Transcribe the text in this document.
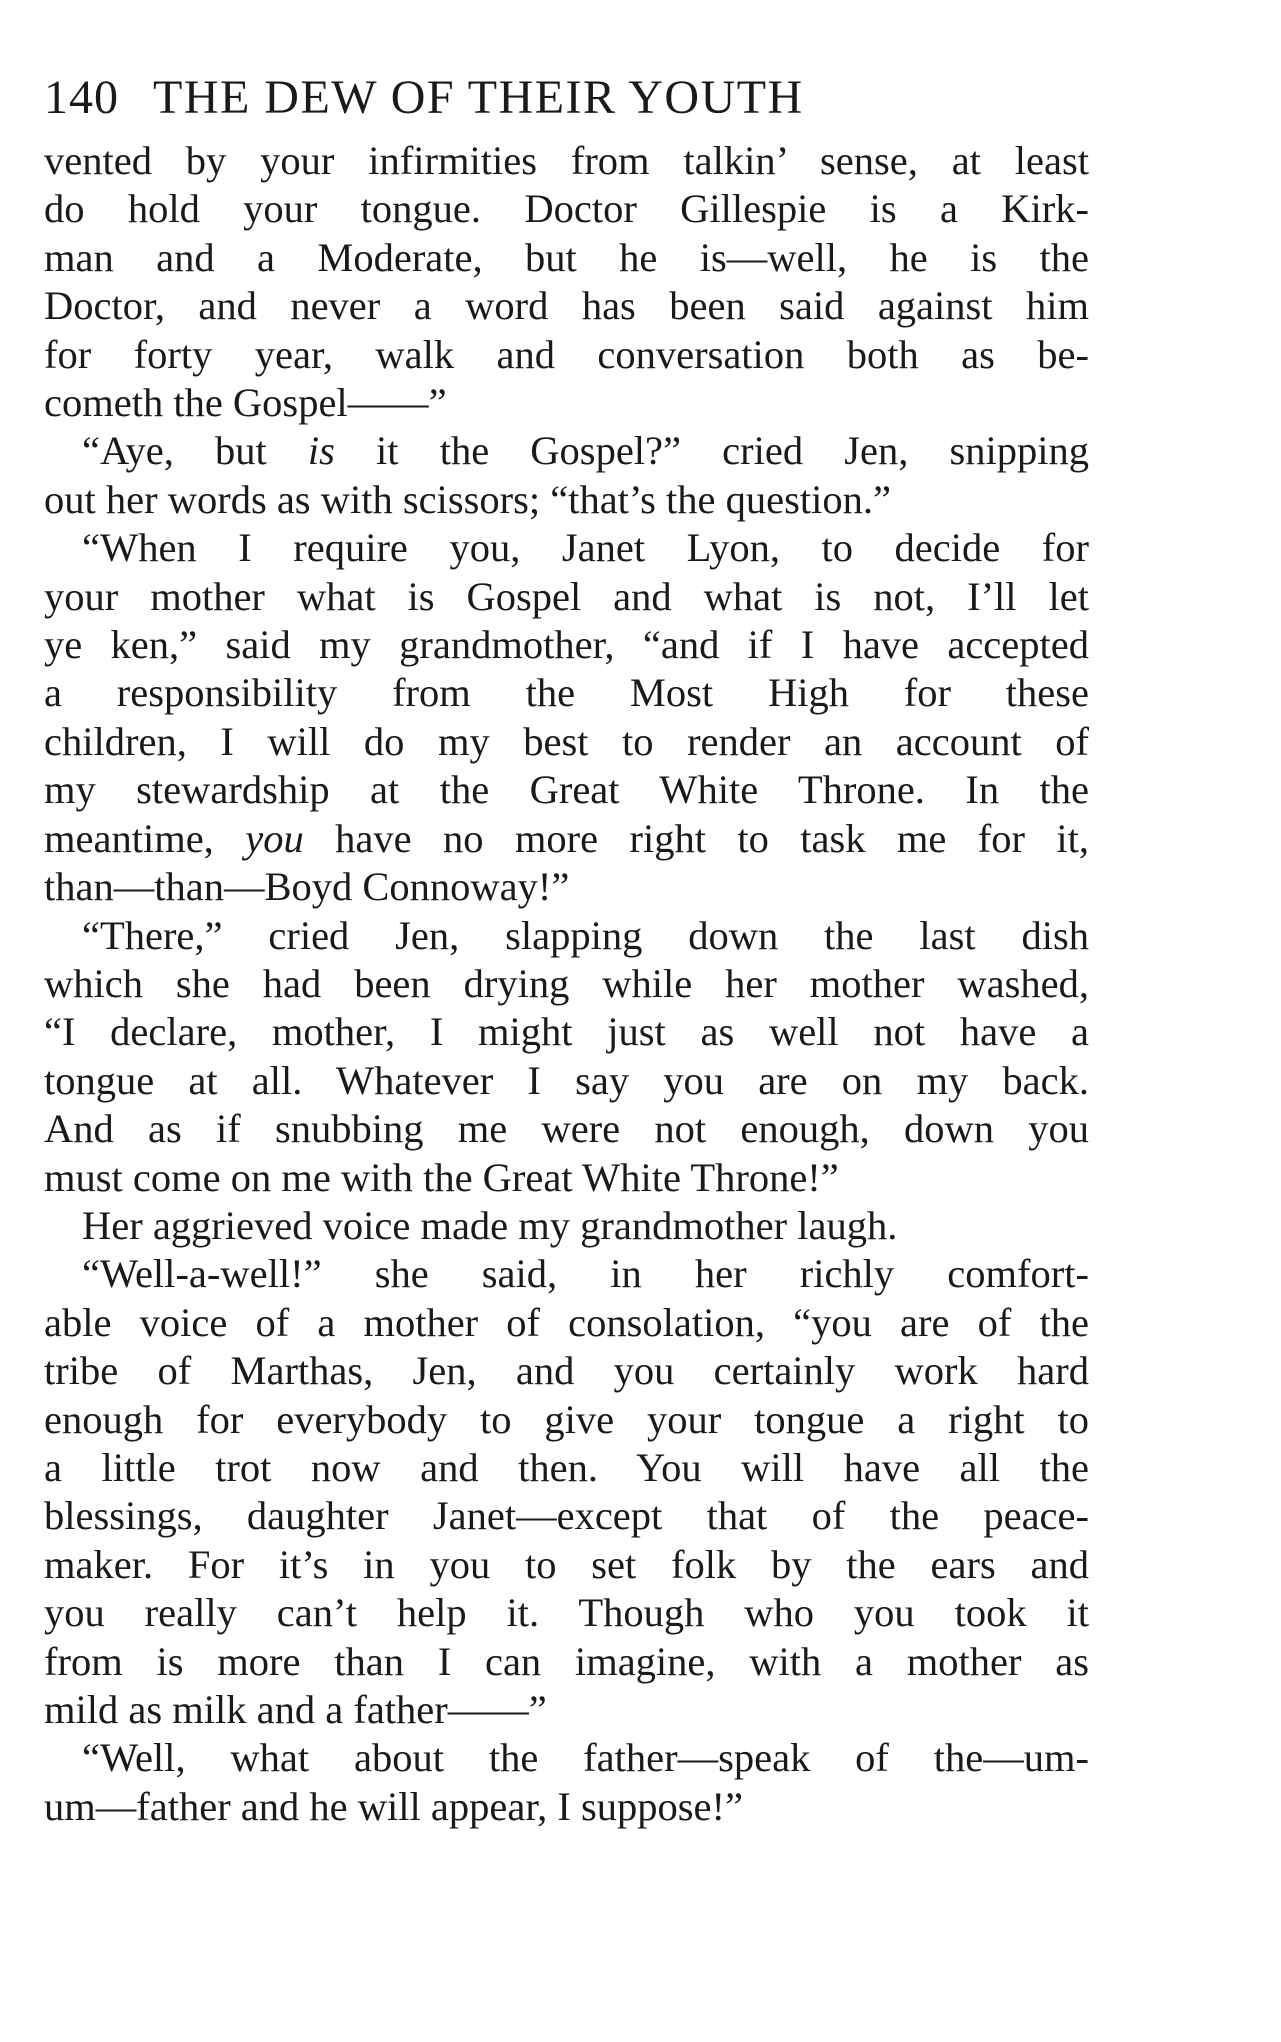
140 THE DEW OF THEIR YOUTH

vented by your infirmities from talkin’ sense, at least
do hold your tongue. Doctor Gillespie is a Kirk-
man and a Moderate, but he is—well, he is the
Doctor, and never a word has been said against him
for forty year, walk and conversation both as be-
cometh the Gospel——”

“Aye, but is it the Gospel?” cried Jen, snipping
out her words as with scissors; “that’s the question.”

“When I require you, Janet Lyon, to decide for
your mother what is Gospel and what is not, I’ll let
ye ken,” said my grandmother, “and if I have accepted
a responsibility from the Most High for these
children, I will do my best to render an account of
my stewardship at the Great White Throne. In the
meantime, you have no more right to task me for it,
than—than—Boyd Connoway!”

“There,” cried Jen, slapping down the last dish
which she had been drying while her mother washed,
“I declare, mother, I might just as well not have a
tongue at all. Whatever I say you are on my back.
And as if snubbing me were not enough, down you
must come on me with the Great White Throne!”

Her aggrieved voice made my grandmother laugh.

“Well-a-well!” she said, in her richly comfort-
able voice of a mother of consolation, “you are of the
tribe of Marthas, Jen, and you certainly work hard
enough for everybody to give your tongue a right to
a little trot now and then. You will have all the
blessings, daughter Janet—except that of the peace-
maker. For it’s in you to set folk by the ears and
you really can’t help it. Though who you took it
from is more than I can imagine, with a mother as
mild as milk and a father——”

“Well, what about the father—speak of the—um-
um—father and he will appear, I suppose!”
